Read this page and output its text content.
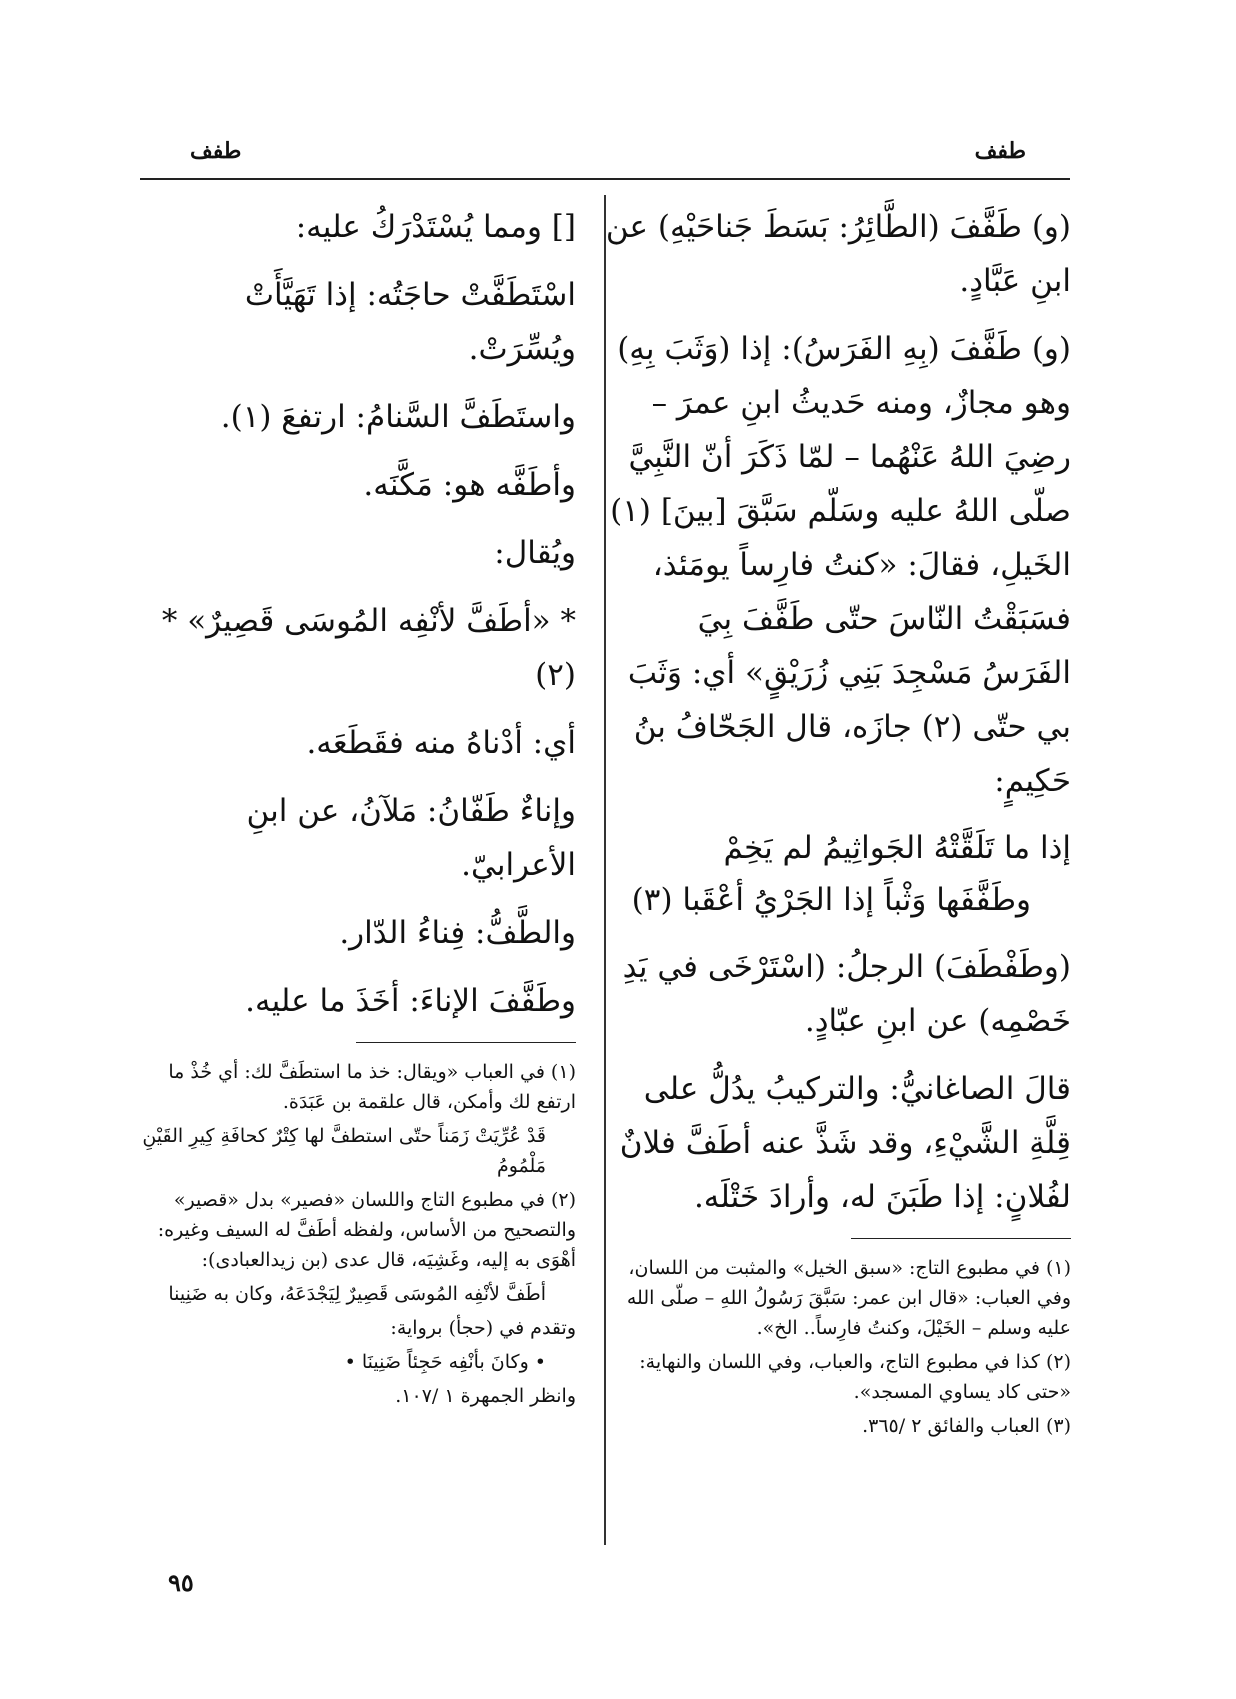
طفف
طفف

(و) طَفَّفَ (الطَّائِرُ: بَسَطَ جَناحَيْهِ) عن ابنِ عَبَّادٍ.

(و) طَفَّفَ (بِهِ الفَرَسُ): إذا (وَثَبَ بِهِ) وهو مجازٌ، ومنه حَديثُ ابنِ عمرَ – رضِيَ اللهُ عَنْهُما – لمّا ذَكَرَ أنّ النَّبِيَّ صلّى اللهُ عليه وسَلّم سَبَّقَ [بينَ] (١) الخَيلِ، فقالَ: «كنتُ فارِساً يومَئذ، فسَبَقْتُ النّاسَ حتّى طَفَّفَ بِيَ الفَرَسُ مَسْجِدَ بَنِي زُرَيْقٍ» أي: وَثَبَ بي حتّى (٢) جازَه، قال الجَحّافُ بنُ حَكِيمٍ:

إذا ما تَلَقَّتْهُ الجَواثِيمُ لم يَخِمْ

وطَفَّفَها وَثْباً إذا الجَرْيُ أعْقَبا (٣)

(وطَفْطَفَ) الرجلُ: (اسْتَرْخَى في يَدِ خَصْمِه) عن ابنِ عبّادٍ.

قالَ الصاغانيُّ: والتركيبُ يدُلُّ على قِلَّةِ الشَّيْءِ، وقد شَذَّ عنه أطَفَّ فلانٌ لفُلانٍ: إذا طَبَنَ له، وأرادَ خَتْلَه.

(١) في مطبوع التاج: «سبق الخيل» والمثبت من اللسان، وفي العباب: «قال ابن عمر: سَبَّقَ رَسُولُ اللهِ – صلّى الله عليه وسلم – الخَيْلَ، وكنتُ فارِساً.. الخ».

(٢) كذا في مطبوع التاج، والعباب، وفي اللسان والنهاية: «حتى كاد يساوي المسجد».

(٣) العباب والفائق ٢ /٣٦٥.

[] ومما يُسْتَدْرَكُ عليه:

اسْتَطَفَّتْ حاجَتُه: إذا تَهَيَّأَتْ ويُسِّرَتْ.

واستَطَفَّ السَّنامُ: ارتفعَ (١).

وأطَفَّه هو: مَكَّنَه.

ويُقال:

* «أطَفَّ لأنْفِه المُوسَى قَصِيرٌ» * (٢)

أي: أدْناهُ منه فقَطَعَه.

وإناءٌ طَفّانُ: مَلآنُ، عن ابنِ الأعرابيّ.

والطَّفُّ: فِناءُ الدّار.

وطَفَّفَ الإناءَ: أخَذَ ما عليه.

(١) في العباب «ويقال: خذ ما استطَفَّ لك: أي خُذْ ما ارتفع لك وأمكن، قال علقمة بن عَبَدَة.

قَدْ عُرِّيَتْ زَمَناً حتّى استطفَّ لها كِتْرٌ كحافَةِ كِيرِ القَيْنِ مَلْمُومُ

(٢) في مطبوع التاج واللسان «فصير» بدل «قصير» والتصحيح من الأساس، ولفظه أطَفَّ له السيف وغيره: أهْوَى به إليه، وغَشِيَه، قال عدى (بن زيدالعبادى):

أطَفَّ لأنْفِه المُوسَى قَصِيرٌ لِيَجْدَعَهُ، وكان به ضَنِينا

وتقدم في (حجأ) برواية:

• وكانَ بأنْفِه حَجِئاً ضَنِينَا •

وانظر الجمهرة ١ /١٠٧.

٩٥
